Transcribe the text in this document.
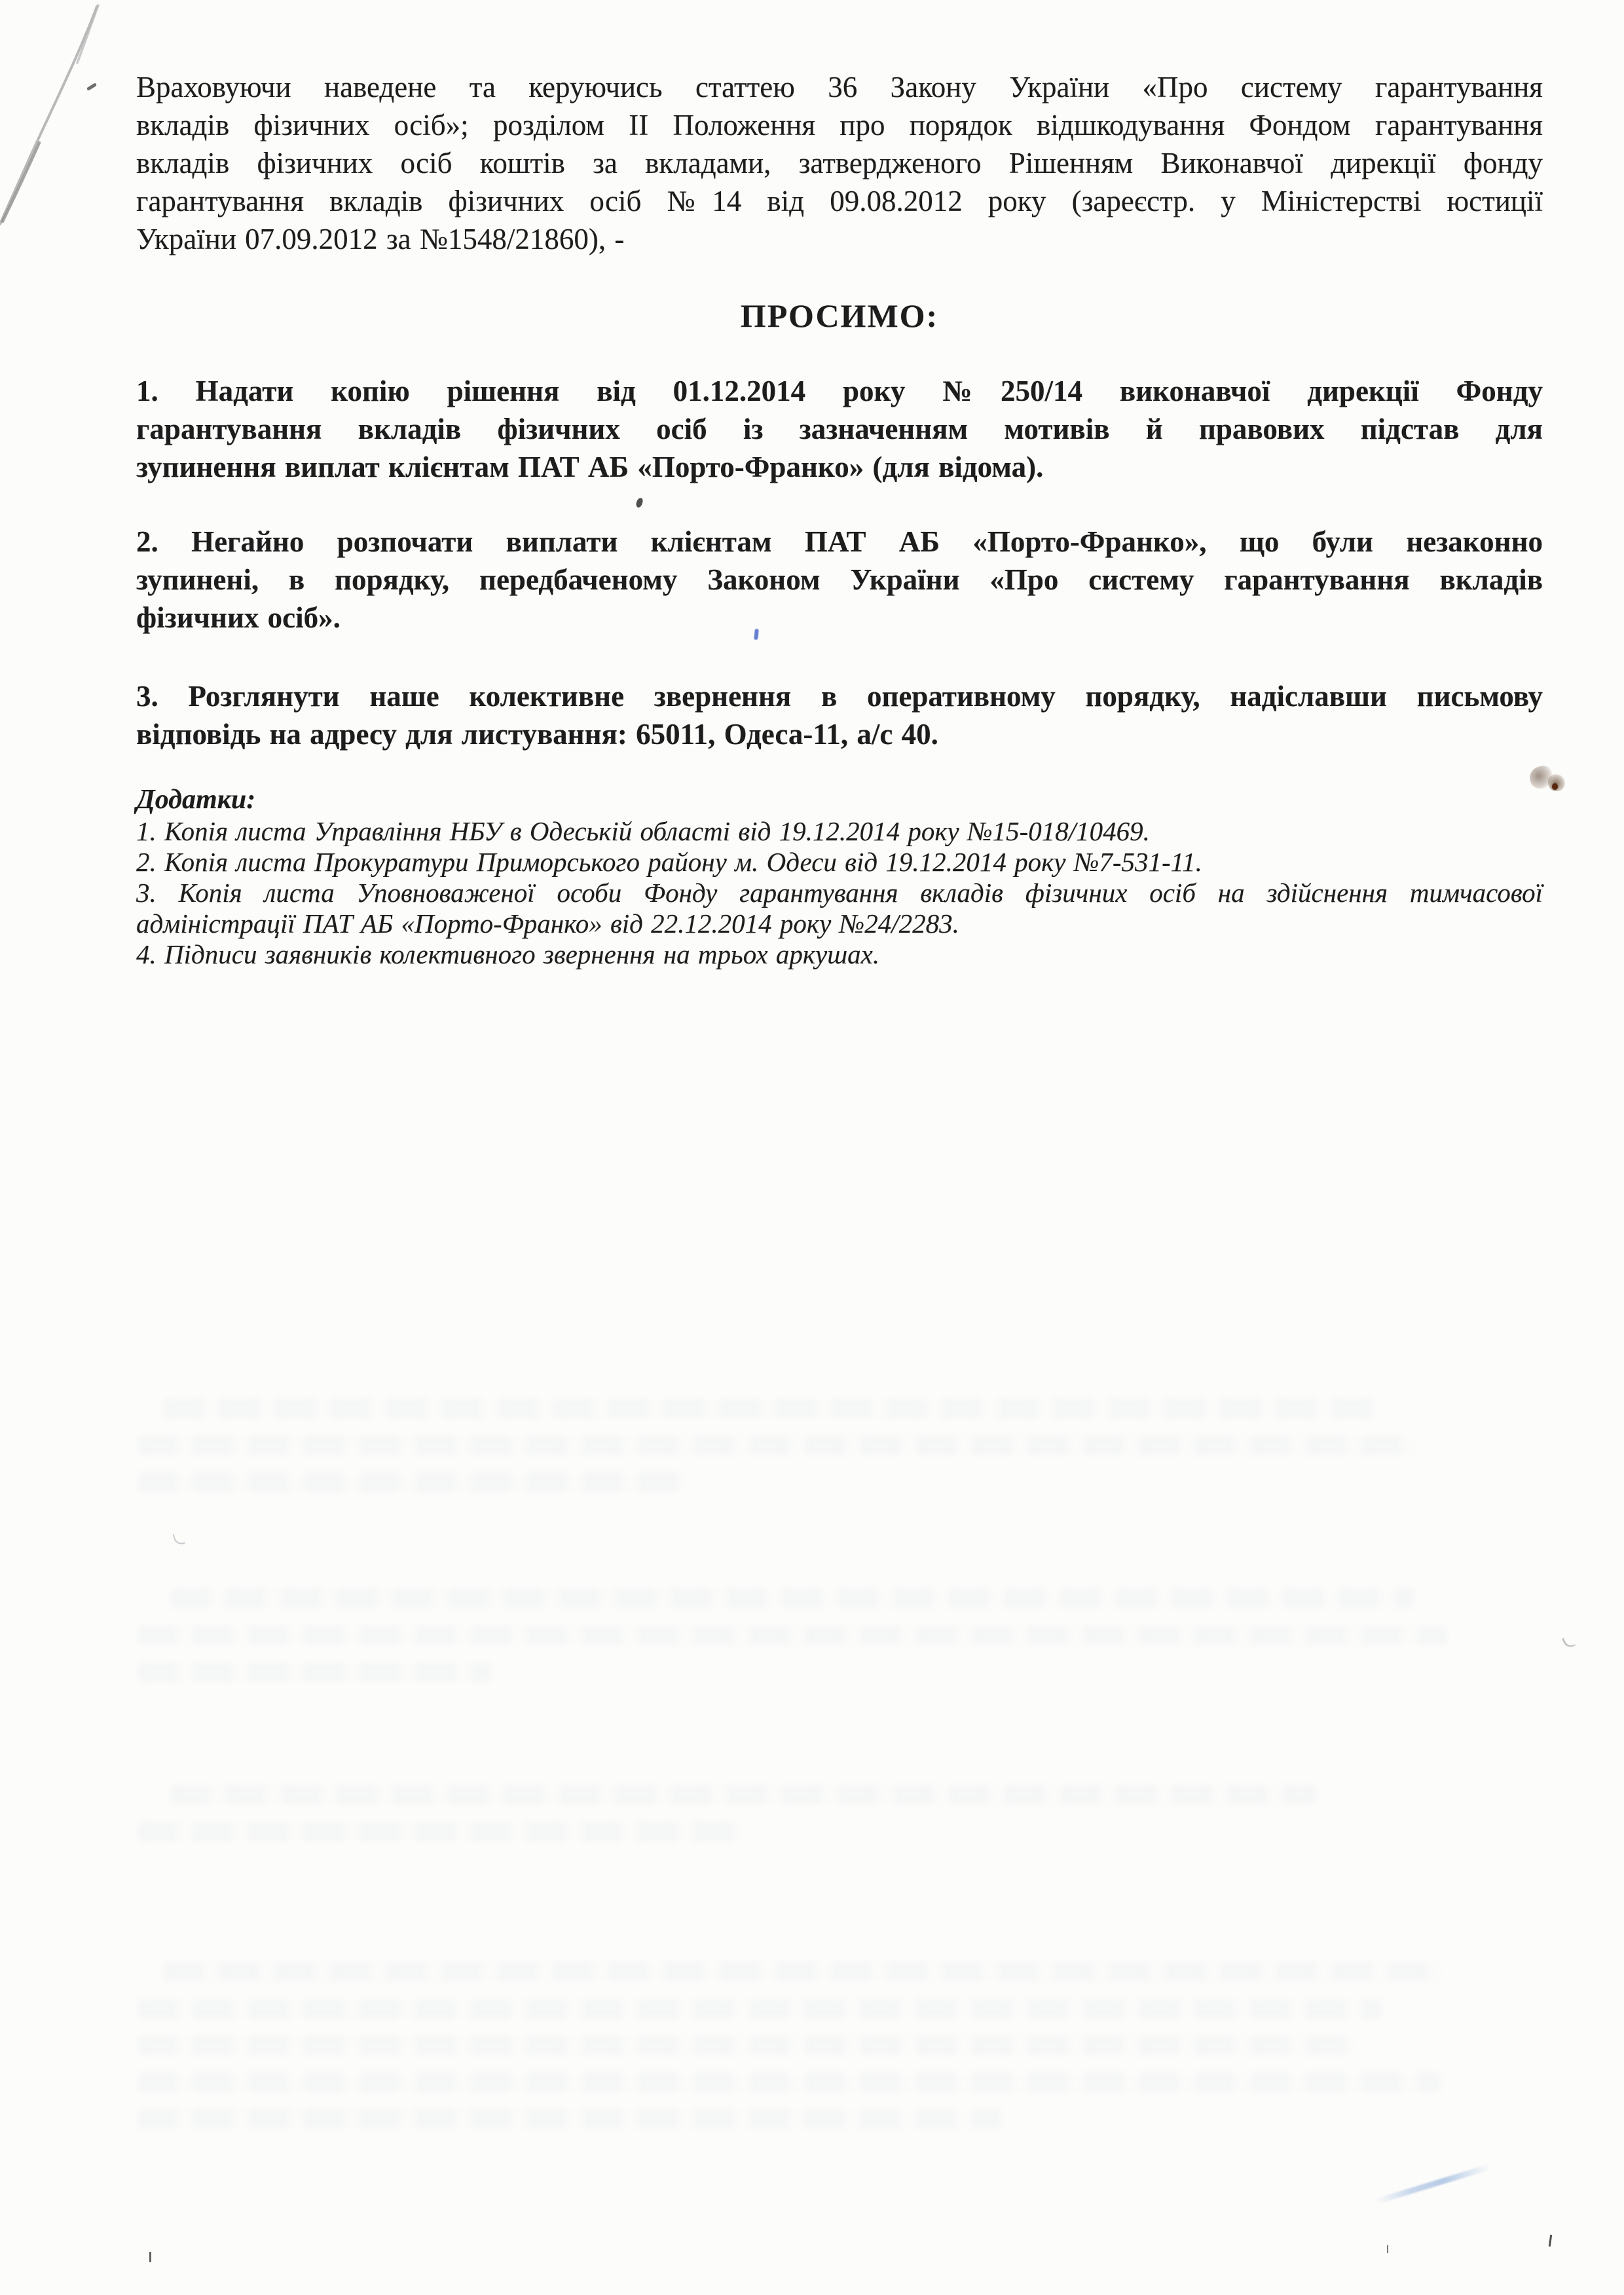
Враховуючи наведене та керуючись статтею 36 Закону України «Про систему гарантування
вкладів фізичних осіб»; розділом II Положення про порядок відшкодування Фондом гарантування
вкладів фізичних осіб коштів за вкладами, затвердженого Рішенням Виконавчої дирекції фонду
гарантування вкладів фізичних осіб №14 від 09.08.2012 року (зареєстр. у Міністерстві юстиції
України 07.09.2012 за №1548/21860), -
ПРОСИМО:
1. Надати копію рішення від 01.12.2014 року №250/14 виконавчої дирекції Фонду
гарантування вкладів фізичних осіб із зазначенням мотивів й правових підстав для
зупинення виплат клієнтам ПАТ АБ «Порто-Франко» (для відома).
2. Негайно розпочати виплати клієнтам ПАТ АБ «Порто-Франко», що були незаконно
зупинені, в порядку, передбаченому Законом України «Про систему гарантування вкладів
фізичних осіб».
3. Розглянути наше колективне звернення в оперативному порядку, надіславши письмову
відповідь на адресу для листування: 65011, Одеса-11, а/с 40.
Додатки:
1. Копія листа Управління НБУ в Одеській області від 19.12.2014 року №15-018/10469.
2. Копія листа Прокуратури Приморського району м. Одеси від 19.12.2014 року №7-531-11.
3. Копія листа Уповноваженої особи Фонду гарантування вкладів фізичних осіб на здійснення тимчасової
адміністрації ПАТ АБ «Порто-Франко» від 22.12.2014 року №24/2283.
4. Підписи заявників колективного звернення на трьох аркушах.
